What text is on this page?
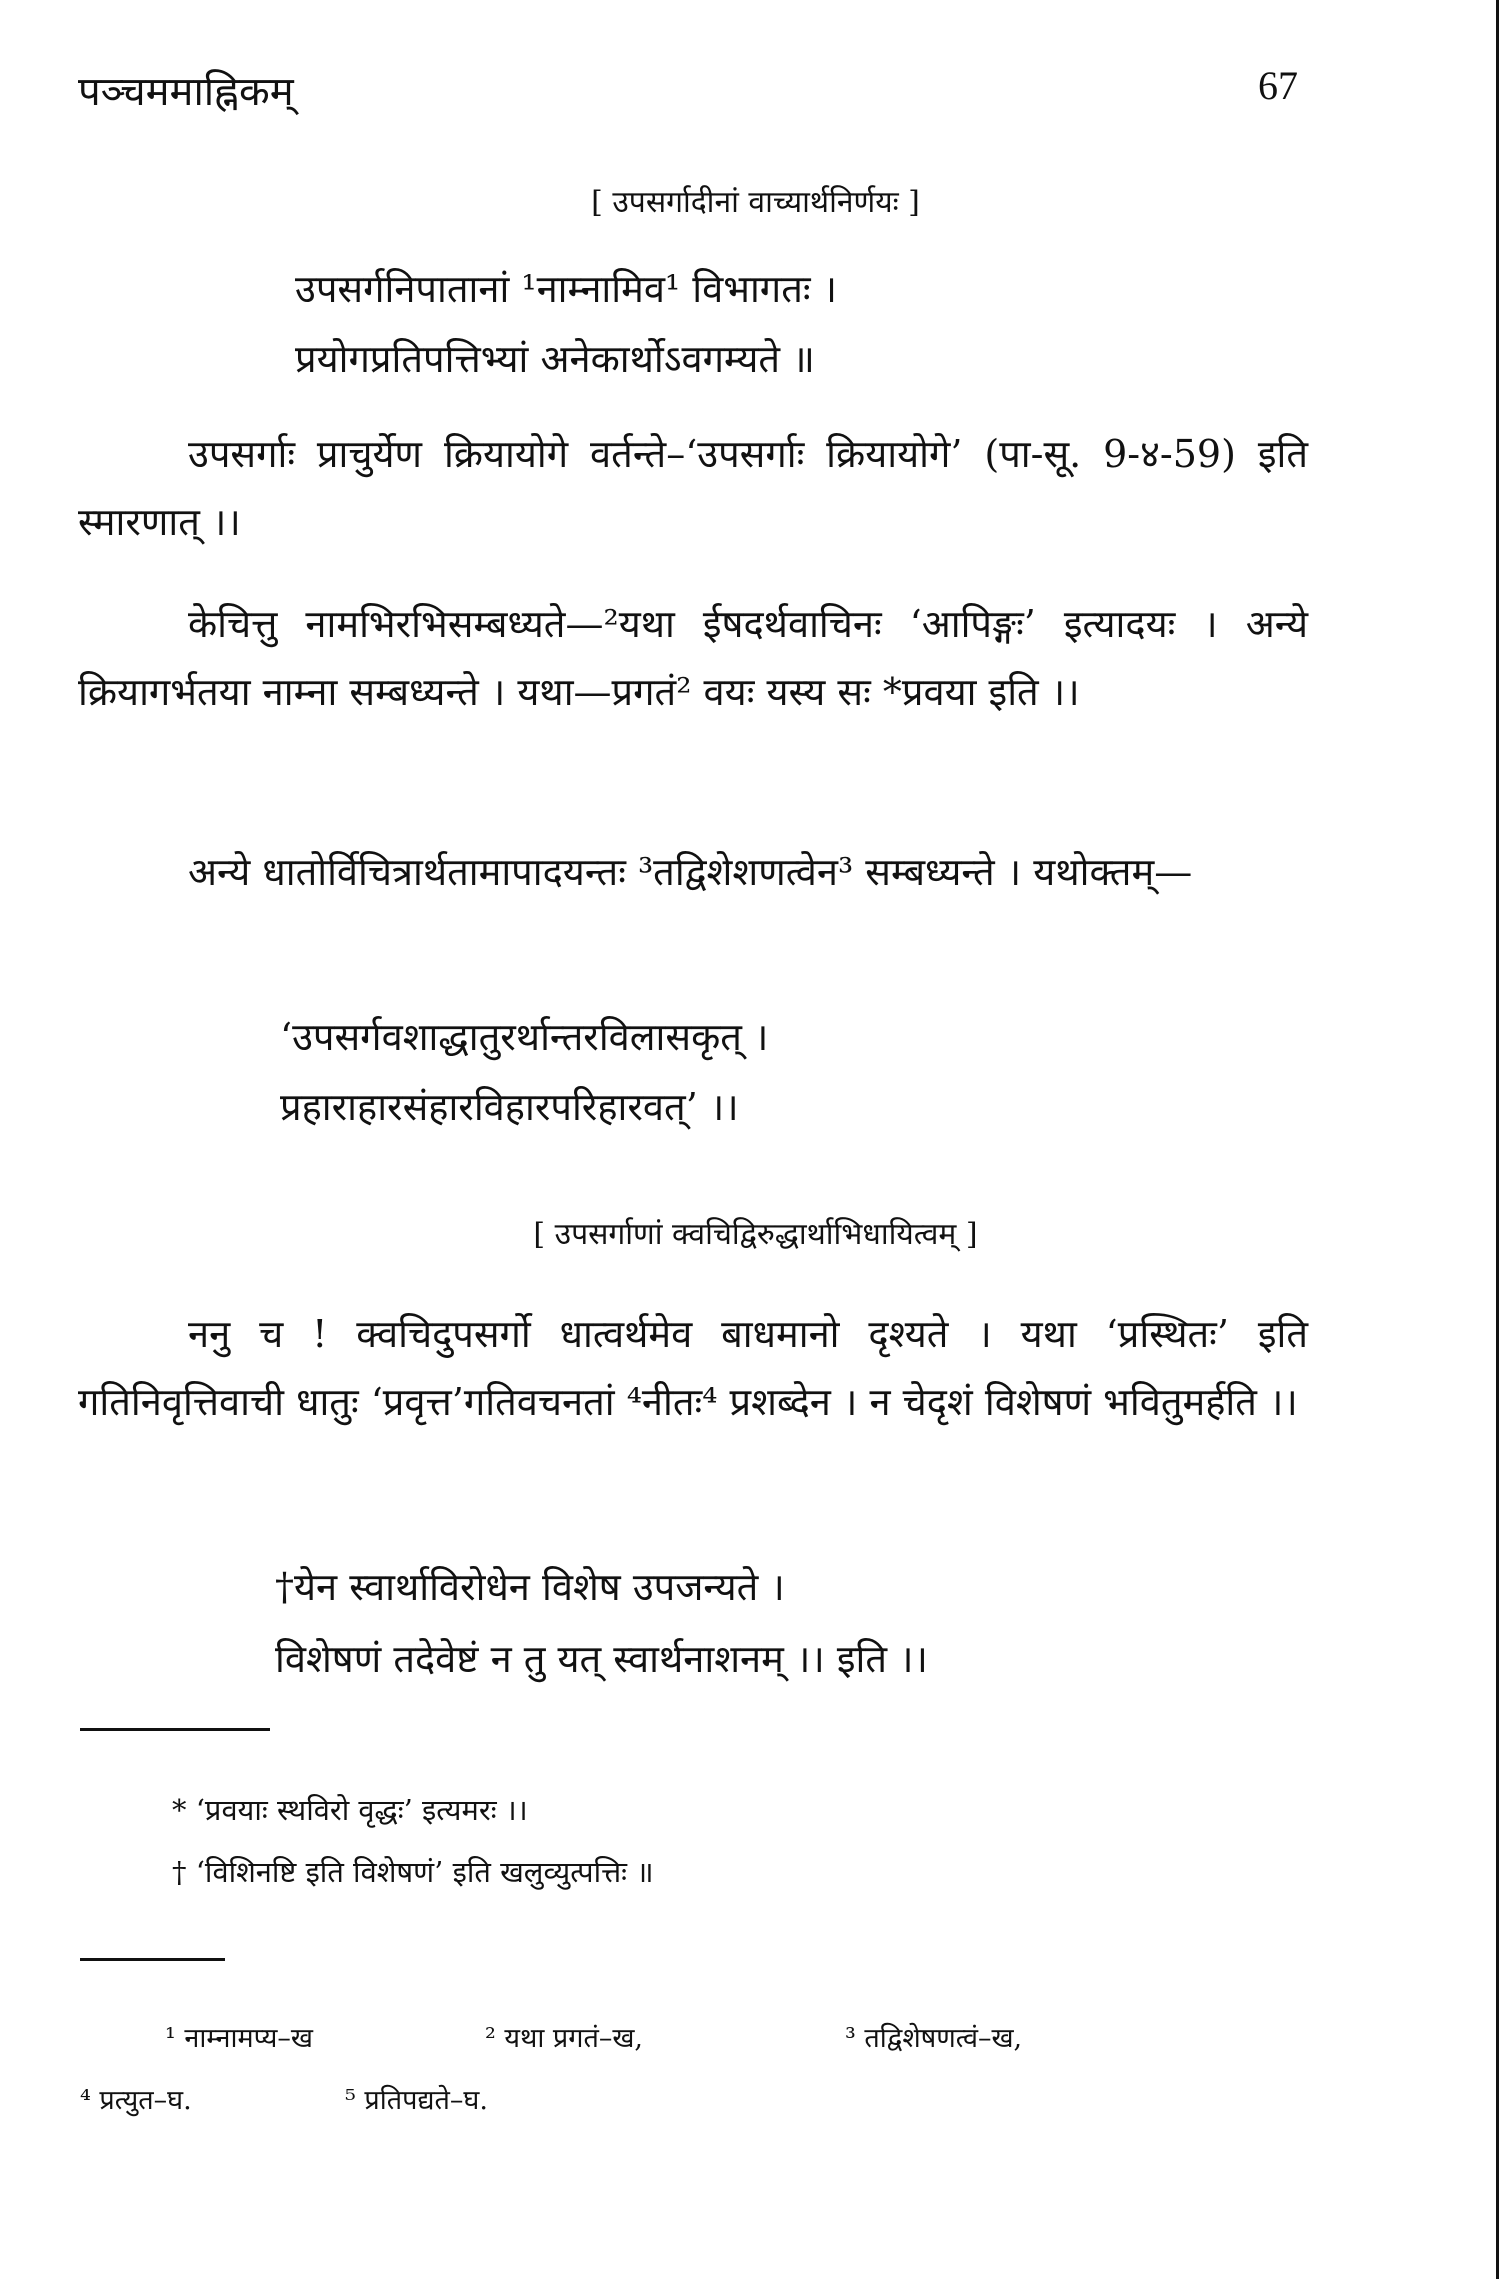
पञ्चममाह्निकम्	67
[ उपसर्गादीनां वाच्यार्थनिर्णयः ]
उपसर्गनिपातानां ¹नाम्नामिव¹ विभागतः ।
प्रयोगप्रतिपत्तिभ्यां अनेकार्थोऽवगम्यते ॥
उपसर्गाः प्राचुर्येण क्रियायोगे वर्तन्ते–‘उपसर्गाः क्रियायोगे’ (पा-सू. 9-४-59) इति स्मारणात् ।।
केचित्तु नामभिरभिसम्बध्यते—²यथा ईषदर्थवाचिनः ‘आपिङ्गः’ इत्यादयः । अन्ये क्रियागर्भतया नाम्ना सम्बध्यन्ते । यथा—प्रगतं² वयः यस्य सः *प्रवया इति ।।
अन्ये धातोर्विचित्रार्थतामापादयन्तः ³तद्विशेशणत्वेन³ सम्बध्यन्ते । यथोक्तम्—
‘उपसर्गवशाद्धातुरर्थान्तरविलासकृत् ।
प्रहाराहारसंहारविहारपरिहारवत्’ ।।
[ उपसर्गाणां क्वचिद्विरुद्धार्थाभिधायित्वम् ]
ननु च ! क्वचिदुपसर्गो धात्वर्थमेव बाधमानो दृश्यते । यथा ‘प्रस्थितः’ इति गतिनिवृत्तिवाची धातुः ‘प्रवृत्त’गतिवचनतां ⁴नीतः⁴ प्रशब्देन । न चेदृशं विशेषणं भवितुमर्हति ।।
†येन स्वार्थाविरोधेन विशेष उपजन्यते ।
विशेषणं तदेवेष्टं न तु यत् स्वार्थनाशनम् ।। इति ।।
* ‘प्रवयाः स्थविरो वृद्धः’ इत्यमरः ।।
† ‘विशिनष्टि इति विशेषणं’ इति खलुव्युत्पत्तिः ॥
¹ नाम्नामप्य–ख	² यथा प्रगतं–ख,	³ तद्विशेषणत्वं–ख,
⁴ प्रत्युत–घ.	⁵ प्रतिपद्यते–घ.
